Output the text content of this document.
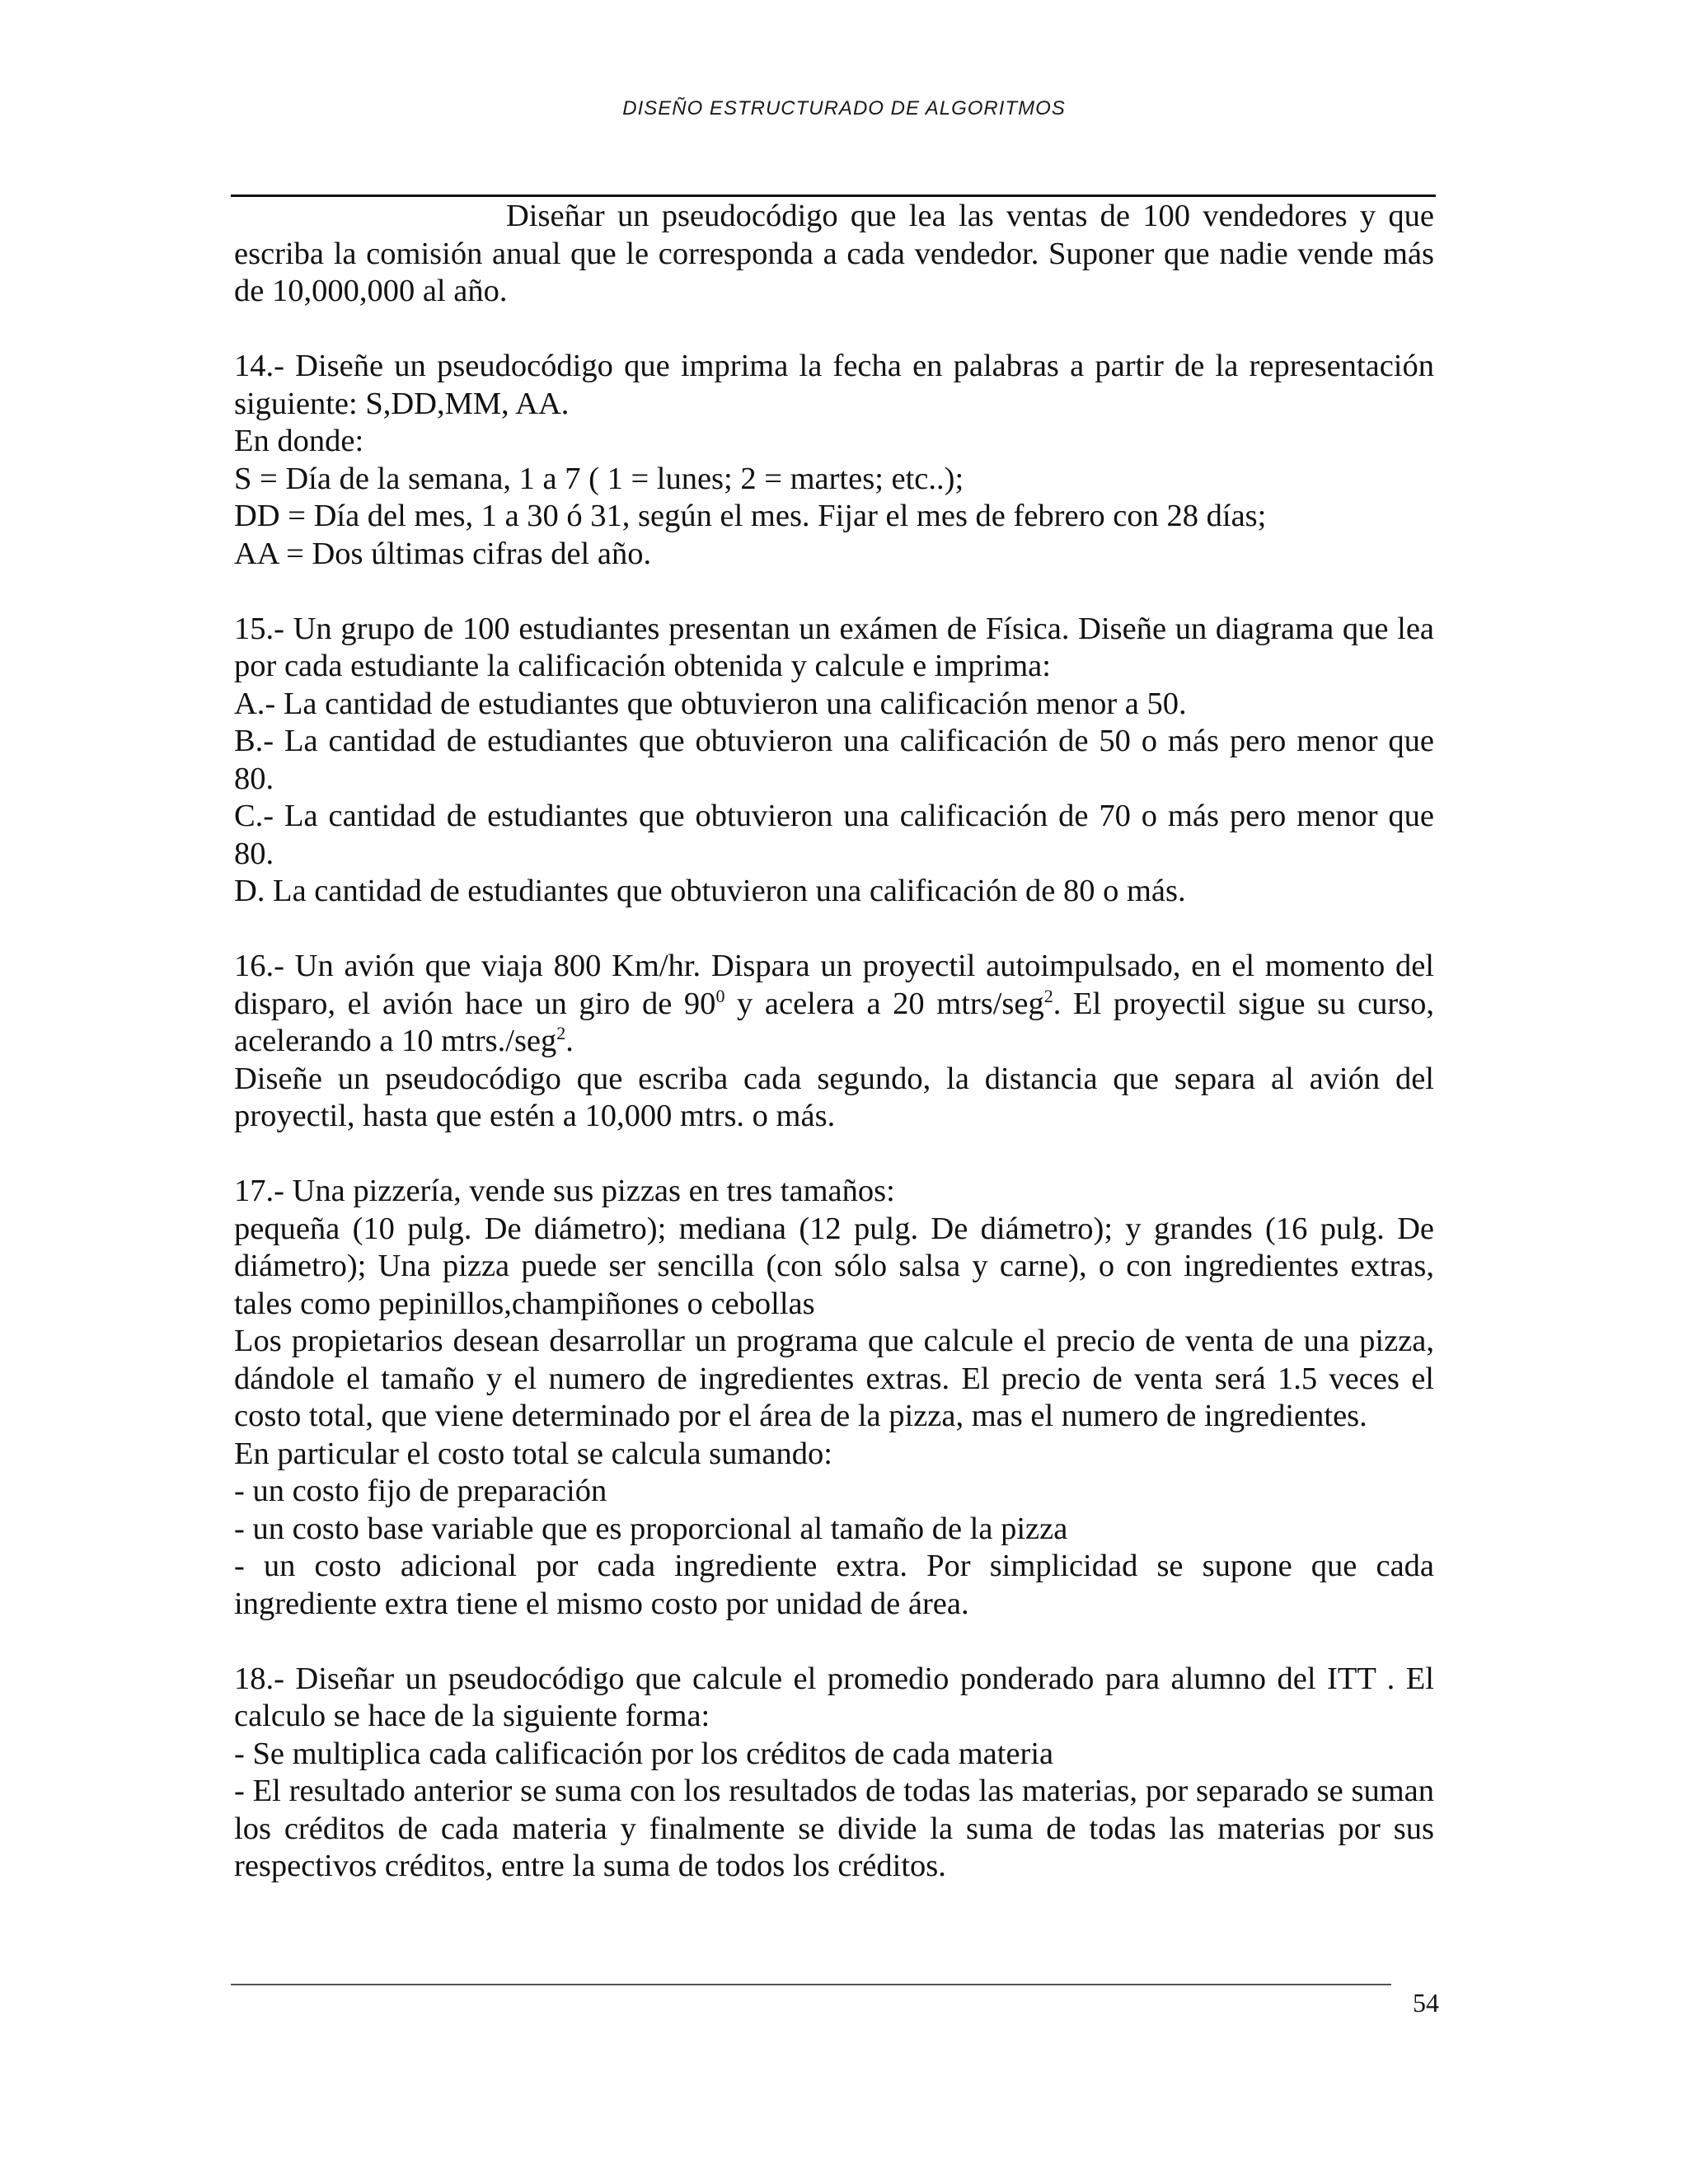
DISEÑO ESTRUCTURADO DE ALGORITMOS

Diseñar un pseudocódigo que lea las ventas de 100 vendedores y que escriba la comisión anual que le corresponda a cada vendedor. Suponer que nadie vende más de 10,000,000 al año.

14.- Diseñe un pseudocódigo que imprima la fecha en palabras a partir de la representación siguiente: S,DD,MM, AA.

En donde:

S = Día de la semana, 1 a 7 ( 1 = lunes; 2 = martes; etc..);

DD = Día del mes, 1 a 30 ó 31, según el mes. Fijar el mes de febrero con 28 días;

AA = Dos últimas cifras del año.

15.- Un grupo de 100 estudiantes presentan un exámen de Física. Diseñe un diagrama que lea por cada estudiante la calificación obtenida y calcule e imprima:

A.- La cantidad de estudiantes que obtuvieron una calificación menor a 50.

B.- La cantidad de estudiantes que obtuvieron una calificación de 50 o más pero menor que 80.

C.- La cantidad de estudiantes que obtuvieron una calificación de 70 o más pero menor que 80.

D. La cantidad de estudiantes que obtuvieron una calificación de 80 o más.

16.- Un avión que viaja 800 Km/hr. Dispara un proyectil autoimpulsado, en el momento del disparo, el avión hace un giro de $90^0$ y acelera a 20 mtrs/seg$^2$. El proyectil sigue su curso, acelerando a 10 mtrs./seg$^2$.

Diseñe un pseudocódigo que escriba cada segundo, la distancia que separa al avión del proyectil, hasta que estén a 10,000 mtrs. o más.

17.- Una pizzería, vende sus pizzas en tres tamaños:

pequeña (10 pulg. De diámetro); mediana (12 pulg. De diámetro); y grandes (16 pulg. De diámetro); Una pizza puede ser sencilla (con sólo salsa y carne), o con ingredientes extras, tales como pepinillos,champiñones o cebollas

Los propietarios desean desarrollar un programa que calcule el precio de venta de una pizza, dándole el tamaño y el numero de ingredientes extras. El precio de venta será 1.5 veces el costo total, que viene determinado por el área de la pizza, mas el numero de ingredientes.

En particular el costo total se calcula sumando:

- un costo fijo de preparación

- un costo base variable que es proporcional al tamaño de la pizza

- un costo adicional por cada ingrediente extra. Por simplicidad se supone que cada ingrediente extra tiene el mismo costo por unidad de área.

18.- Diseñar un pseudocódigo que calcule el promedio ponderado para alumno del ITT . El calculo se hace de la siguiente forma:

- Se multiplica cada calificación por los créditos de cada materia

- El resultado anterior se suma con los resultados de todas las materias, por separado se suman los créditos de cada materia y finalmente se divide la suma de todas las materias por sus respectivos créditos, entre la suma de todos los créditos.

54
